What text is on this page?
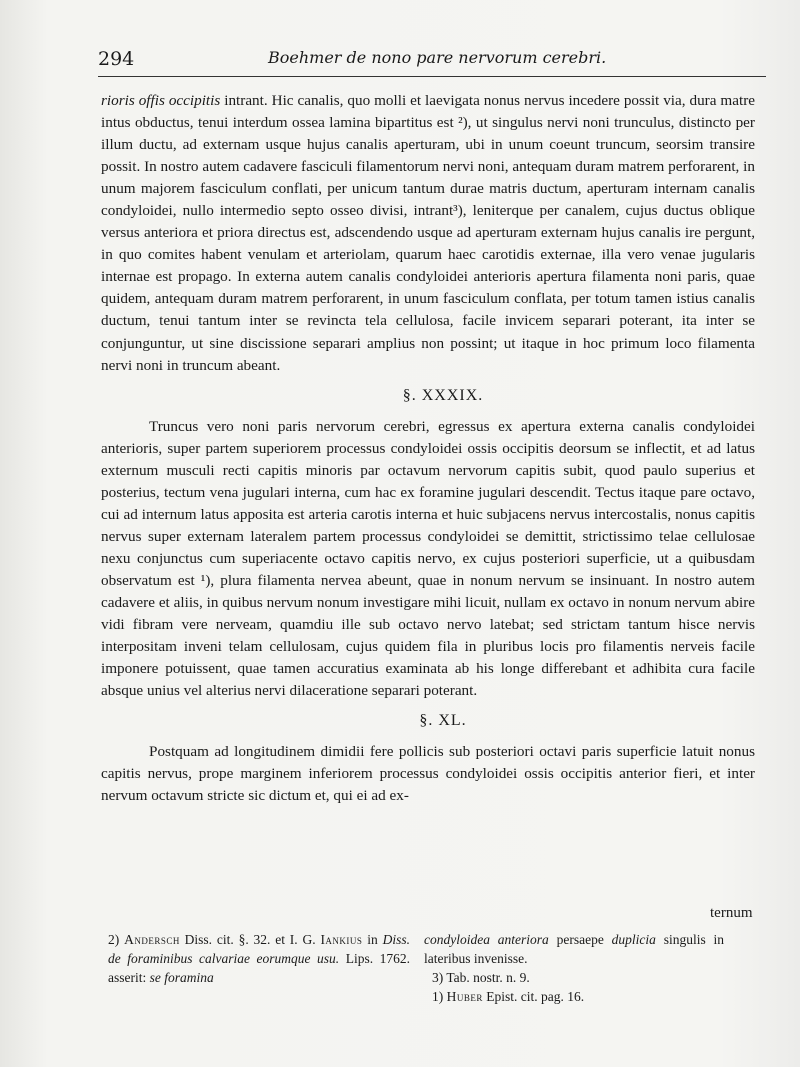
294	Boehmer de nono pare nervorum cerebri.

rioris offis occipitis intrant. Hic canalis, quo molli et laevigata nonus nervus incedere possit via, dura matre intus obductus, tenui interdum ossea lamina bipartitus est ²), ut singulus nervi noni trunculus, distincto per illum ductu, ad externam usque hujus canalis aperturam, ubi in unum coeunt truncum, seorsim transire possit. In nostro autem cadavere fasciculi filamentorum nervi noni, antequam duram matrem perforarent, in unum majorem fasciculum conflati, per unicum tantum durae matris ductum, aperturam internam canalis condyloidei, nullo intermedio septo osseo divisi, intrant³), leniterque per canalem, cujus ductus oblique versus anteriora et priora directus est, adscendendo usque ad aperturam externam hujus canalis ire pergunt, in quo comites habent venulam et arteriolam, quarum haec carotidis externae, illa vero venae jugularis internae est propago. In externa autem canalis condyloidei anterioris apertura filamenta noni paris, quae quidem, antequam duram matrem perforarent, in unum fasciculum conflata, per totum tamen istius canalis ductum, tenui tantum inter se revincta tela cellulosa, facile invicem separari poterant, ita inter se conjunguntur, ut sine discissione separari amplius non possint; ut itaque in hoc primum loco filamenta nervi noni in truncum abeant.

§. XXXIX.

Truncus vero noni paris nervorum cerebri, egressus ex apertura externa canalis condyloidei anterioris, super partem superiorem processus condyloidei ossis occipitis deorsum se inflectit, et ad latus externum musculi recti capitis minoris par octavum nervorum capitis subit, quod paulo superius et posterius, tectum vena jugulari interna, cum hac ex foramine jugulari descendit. Tectus itaque pare octavo, cui ad internum latus apposita est arteria carotis interna et huic subjacens nervus intercostalis, nonus capitis nervus super externam lateralem partem processus condyloidei se demittit, strictissimo telae cellulosae nexu conjunctus cum superiacente octavo capitis nervo, ex cujus posteriori superficie, ut a quibusdam observatum est ¹), plura filamenta nervea abeunt, quae in nonum nervum se insinuant. In nostro autem cadavere et aliis, in quibus nervum nonum investigare mihi licuit, nullam ex octavo in nonum nervum abire vidi fibram vere nerveam, quamdiu ille sub octavo nervo latebat; sed strictam tantum hisce nervis interpositam inveni telam cellulosam, cujus quidem fila in pluribus locis pro filamentis nerveis facile imponere potuissent, quae tamen accuratius examinata ab his longe differebant et adhibita cura facile absque unius vel alterius nervi dilaceratione separari poterant.

§. XL.

Postquam ad longitudinem dimidii fere pollicis sub posteriori octavi paris superficie latuit nonus capitis nervus, prope marginem inferiorem processus condyloidei ossis occipitis anterior fieri, et inter nervum octavum stricte sic dictum et, qui ei ad ex-

ternum

2) Andersch Diss. cit. §. 32. et I. G. Iankius in Diss. de foraminibus calvariae eorumque usu. Lips. 1762. asserit: se foramina

condyloidea anteriora persaepe duplicia singulis in lateribus invenisse.

3) Tab. nostr. n. 9.

1) Huber Epist. cit. pag. 16.
